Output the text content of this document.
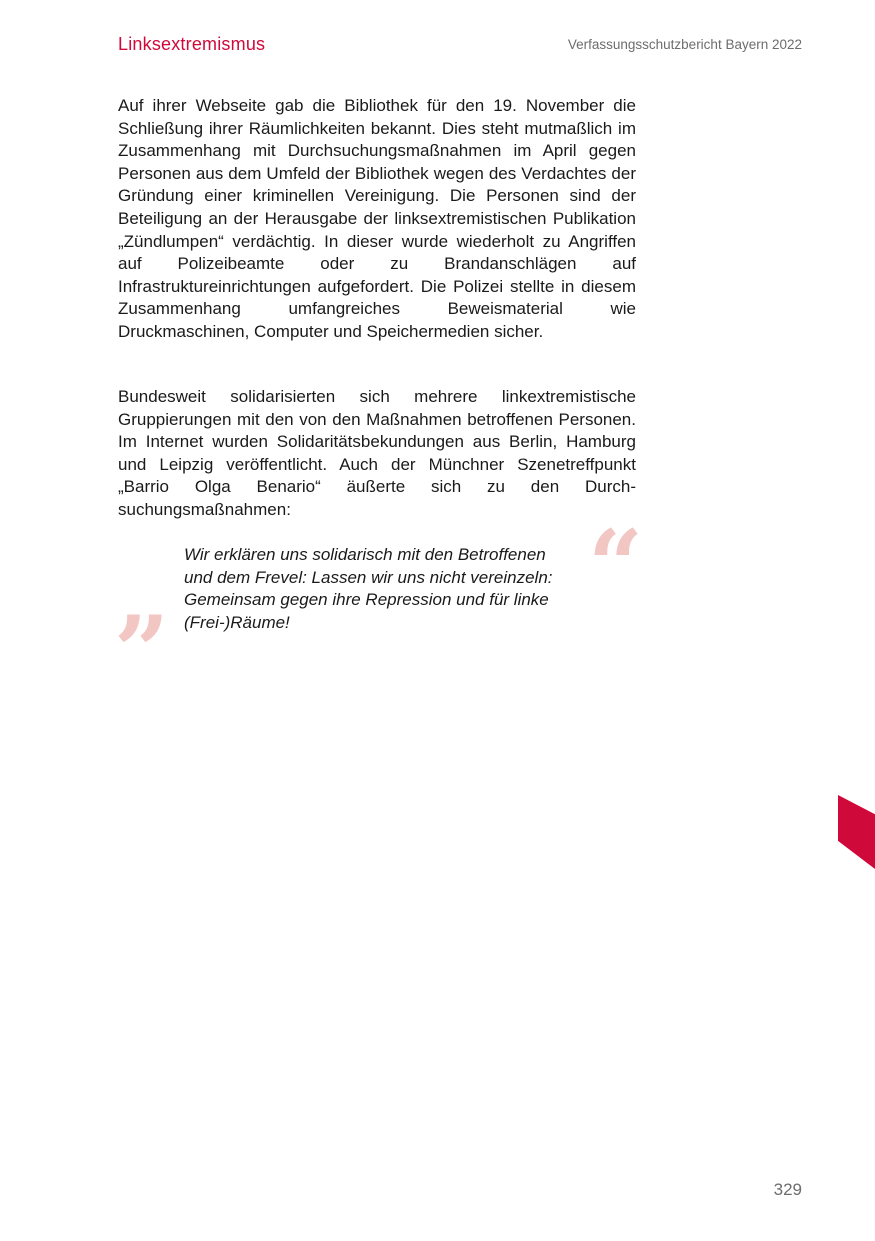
Linksextremismus	Verfassungsschutzbericht Bayern 2022

Auf ihrer Webseite gab die Bibliothek für den 19. November die Schließung ihrer Räumlichkeiten bekannt. Dies steht mutmaßlich im Zusammenhang mit Durchsuchungsmaßnahmen im April gegen Personen aus dem Umfeld der Bibliothek wegen des Verdachtes der Gründung einer kriminellen Vereinigung. Die Personen sind der Beteiligung an der Herausgabe der linksextremistischen Publikation „Zündlumpen“ verdächtig. In dieser wurde wiederholt zu Angriffen auf Polizeibeamte oder zu Brandanschlägen auf Infrastruktureinrichtungen aufgefordert. Die Polizei stellte in diesem Zusammenhang umfangreiches Beweismaterial wie Druckmaschinen, Computer und Speichermedien sicher.

Bundesweit solidarisierten sich mehrere linkextremistische Gruppierungen mit den von den Maßnahmen betroffenen Personen. Im Internet wurden Solidaritätsbekundungen aus Berlin, Hamburg und Leipzig veröffentlicht. Auch der Münchner Szenetreffpunkt „Barrio Olga Benario“ äußerte sich zu den Durchsuchungsmaßnahmen:	“

Wir erklären uns solidarisch mit den Betroffenen und dem Frevel: Lassen wir uns nicht vereinzeln: Gemeinsam gegen ihre Repression und für linke (Frei-)Räume!

”
329
